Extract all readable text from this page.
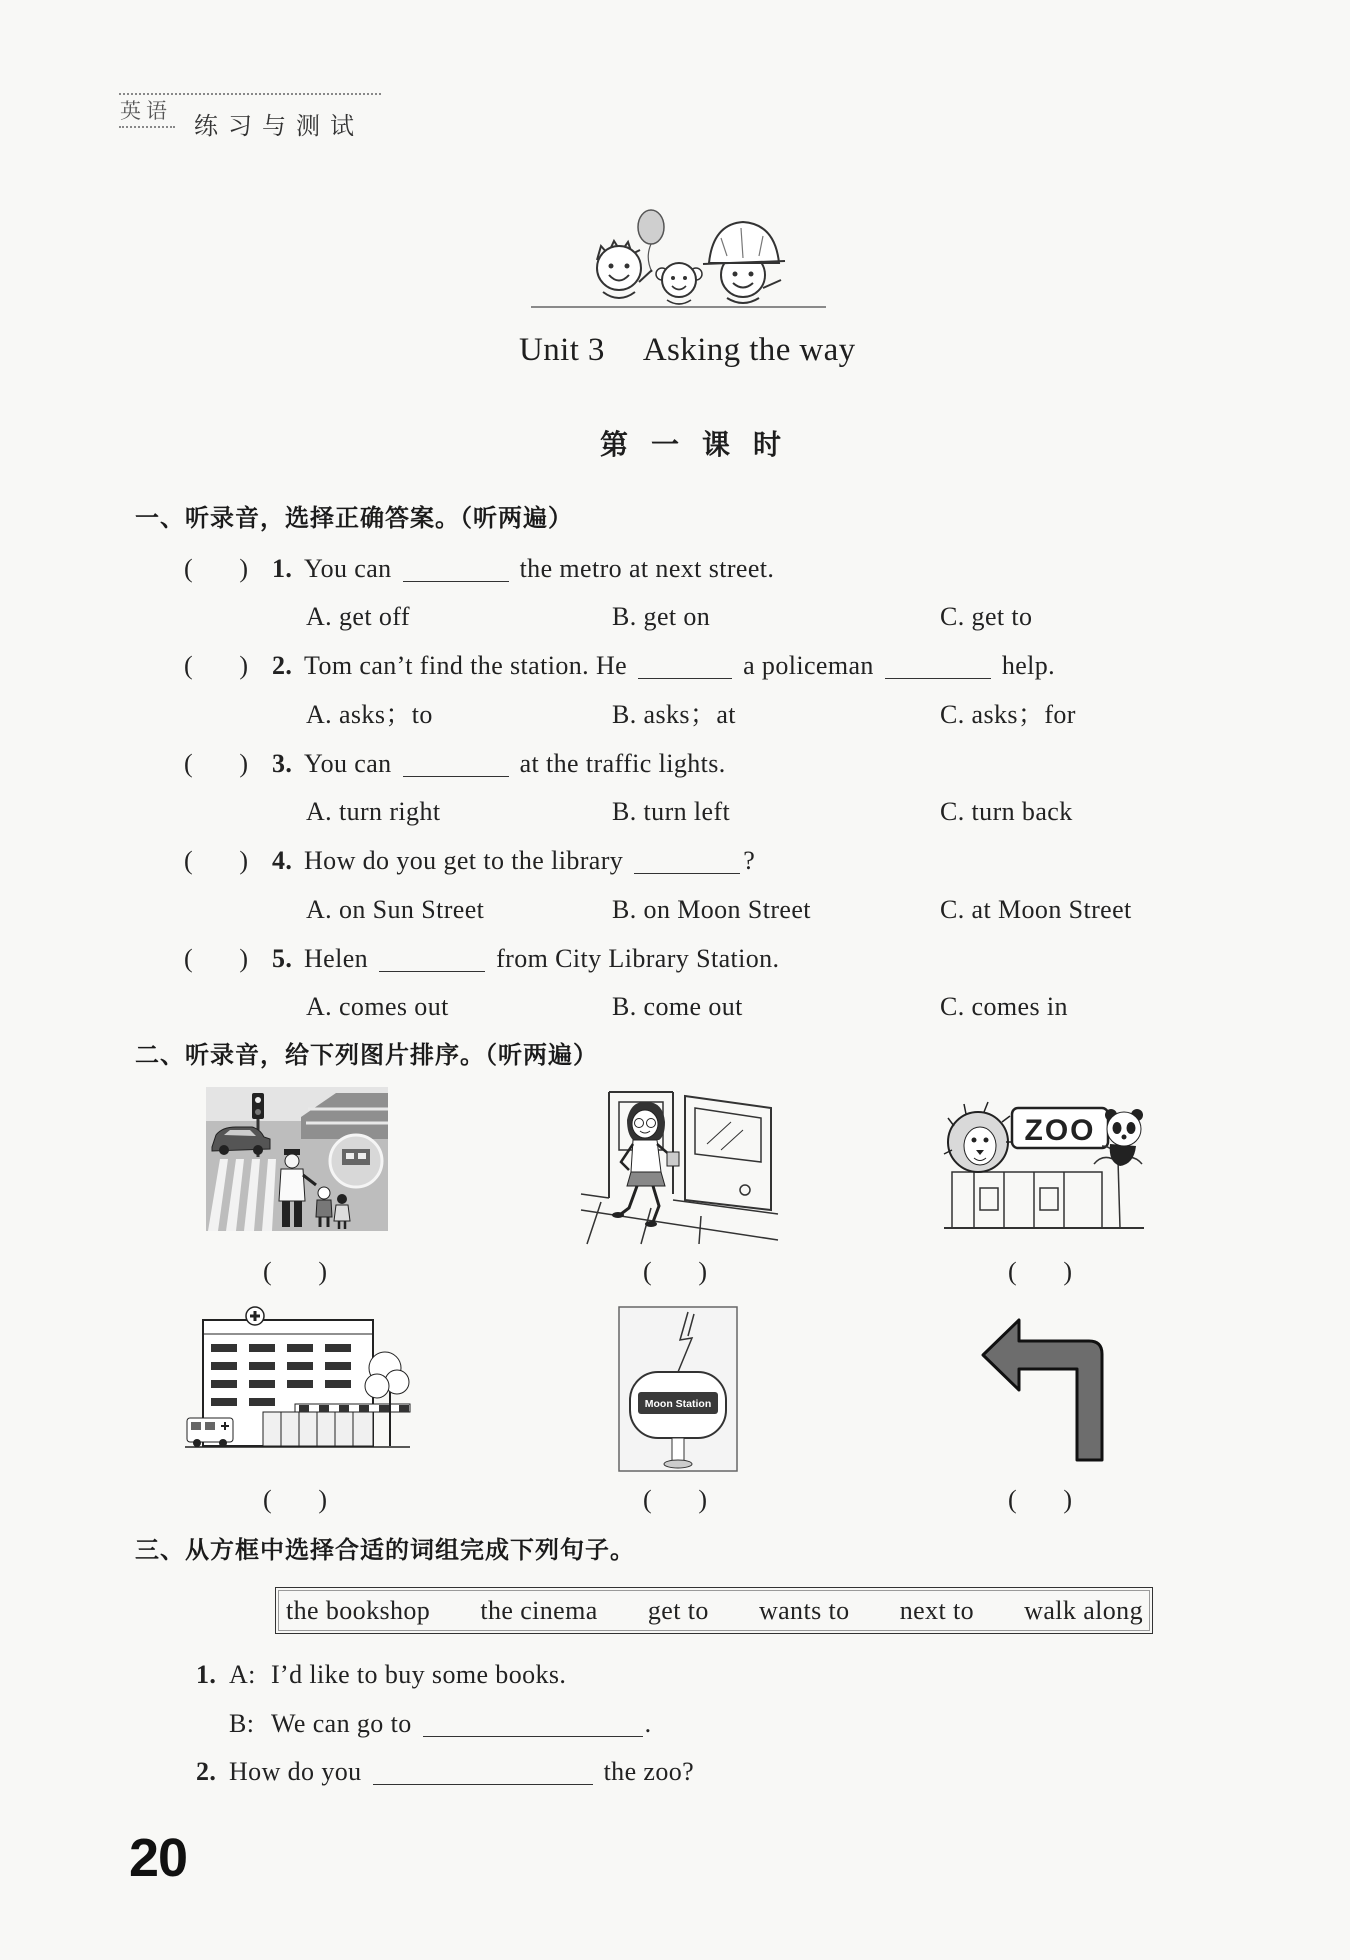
英语
练习与测试
Unit 3 Asking the way
第一课时
一、听录音，选择正确答案。（听两遍）
( ) 1. You can	the metro at next street.
A. get off	B. get on	C. get to
( ) 2. Tom can’t find the station. He	a policeman	help.
A. asks；to	B. asks；at	C. asks；for
( ) 3. You can	at the traffic lights.
A. turn right	B. turn left	C. turn back
( ) 4. How do you get to the library	?
A. on Sun Street	B. on Moon Street	C. at Moon Street
( ) 5. Helen	from City Library Station.
A. comes out	B. come out	C. comes in
二、听录音，给下列图片排序。（听两遍）
ZOO
( )	( )	( )
Moon Station
( )	( )	( )
三、从方框中选择合适的词组完成下列句子。
the bookshop the cinema get to wants to next to walk along
1. A: I’d like to buy some books.
B: We can go to	.
2. How do you	the zoo?
20
